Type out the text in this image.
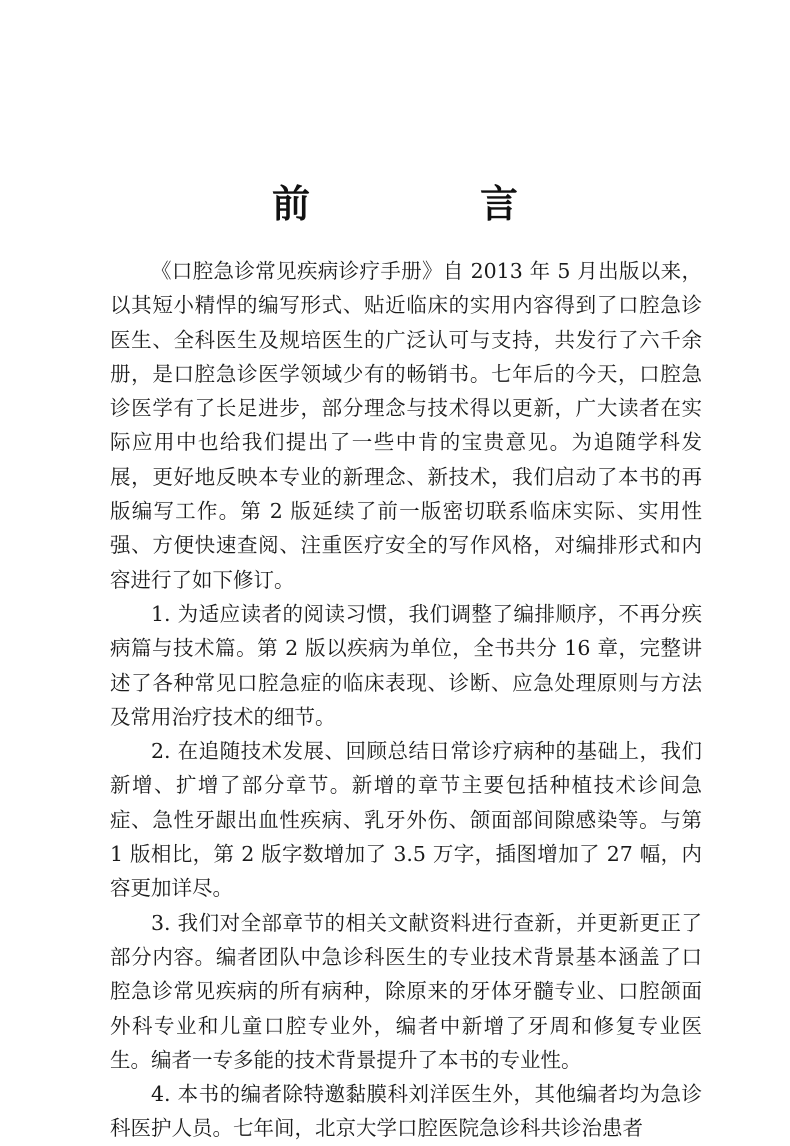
前　言

《口腔急诊常见疾病诊疗手册》自 2013 年 5 月出版以来，以其短小精悍的编写形式、贴近临床的实用内容得到了口腔急诊医生、全科医生及规培医生的广泛认可与支持，共发行了六千余册，是口腔急诊医学领域少有的畅销书。七年后的今天，口腔急诊医学有了长足进步，部分理念与技术得以更新，广大读者在实际应用中也给我们提出了一些中肯的宝贵意见。为追随学科发展，更好地反映本专业的新理念、新技术，我们启动了本书的再版编写工作。第 2 版延续了前一版密切联系临床实际、实用性强、方便快速查阅、注重医疗安全的写作风格，对编排形式和内容进行了如下修订。

1. 为适应读者的阅读习惯，我们调整了编排顺序，不再分疾病篇与技术篇。第 2 版以疾病为单位，全书共分 16 章，完整讲述了各种常见口腔急症的临床表现、诊断、应急处理原则与方法及常用治疗技术的细节。

2. 在追随技术发展、回顾总结日常诊疗病种的基础上，我们新增、扩增了部分章节。新增的章节主要包括种植技术诊间急症、急性牙龈出血性疾病、乳牙外伤、颌面部间隙感染等。与第 1 版相比，第 2 版字数增加了 3.5 万字，插图增加了 27 幅，内容更加详尽。

3. 我们对全部章节的相关文献资料进行查新，并更新更正了部分内容。编者团队中急诊科医生的专业技术背景基本涵盖了口腔急诊常见疾病的所有病种，除原来的牙体牙髓专业、口腔颌面外科专业和儿童口腔专业外，编者中新增了牙周和修复专业医生。编者一专多能的技术背景提升了本书的专业性。

4. 本书的编者除特邀黏膜科刘洋医生外，其他编者均为急诊科医护人员。七年间，北京大学口腔医院急诊科共诊治患者
